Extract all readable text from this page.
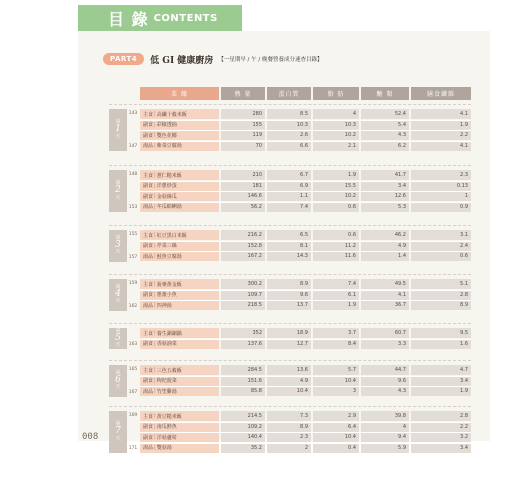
目 錄 CONTENTS
PART4	低 GI 健康廚房 【一星期早 / 午 / 晚餐營養成分速查目錄】
菜 餚	熱 量	蛋白質	脂 肪	醣 類	膳食纖維
第
1
天
143
147
主食 | 高纖十穀米飯	280	8.5	4	52.4	4.1
副食 | 彩椒透抽	155	10.3	10.3	5.4	1.9
副食 | 雙色花椰	119	2.6	10.2	4.3	2.2
湯品 | 紫菜豆腐湯	70	6.6	2.1	6.2	4.1
第
2
天
148
153
主食 | 薏仁糙米飯	210	6.7	1.9	41.7	2.3
副食 | 洋蔥炒蛋	181	6.9	15.5	3.4	0.13
副食 | 金菇絲瓜	146.6	1.1	10.2	12.6	1
湯品 | 冬瓜蛤蜊湯	56.2	7.4	0.6	5.3	0.9
第
3
天
155
157
主食 | 紅豆黑白米飯	216.2	6.5	0.6	46.2	3.1
副食 | 芹菜三絲	152.8	8.1	11.2	4.9	2.4
湯品 | 鮭魚豆腐湯	167.2	14.3	11.6	1.4	0.6
第
4
天
159
162
主食 | 蕎麥黃金飯	300.2	8.9	7.4	49.5	5.1
副食 | 蔥薑小魚	109.7	9.6	6.1	4.1	2.8
湯品 | 四神湯	218.5	13.7	1.9	36.7	8.9
第
5
天 163
主食 | 養生涮涮鍋	352	18.9	3.7	60.7	9.5
副食 | 香菇滷菜	137.6	12.7	8.4	3.3	1.6
第
6
天
165
167
主食 | 三色五穀飯	284.5	13.6	5.7	44.7	4.7
副食 | 枸杞菠菜	151.6	4.9	10.4	9.6	3.4
湯品 | 竹笙雞湯	85.8	10.4	3	4.3	1.9
第
7
天
169
171
主食 | 黃豆糙米飯	214.5	7.3	2.9	39.8	2.8
副食 | 南瓜鮮魚	109.2	8.9	6.4	4	2.2
副食 | 洋菇蘆筍	140.4	2.3	10.4	9.4	3.2
湯品 | 雙菇湯	35.2	2	0.4	5.9	3.4
008
